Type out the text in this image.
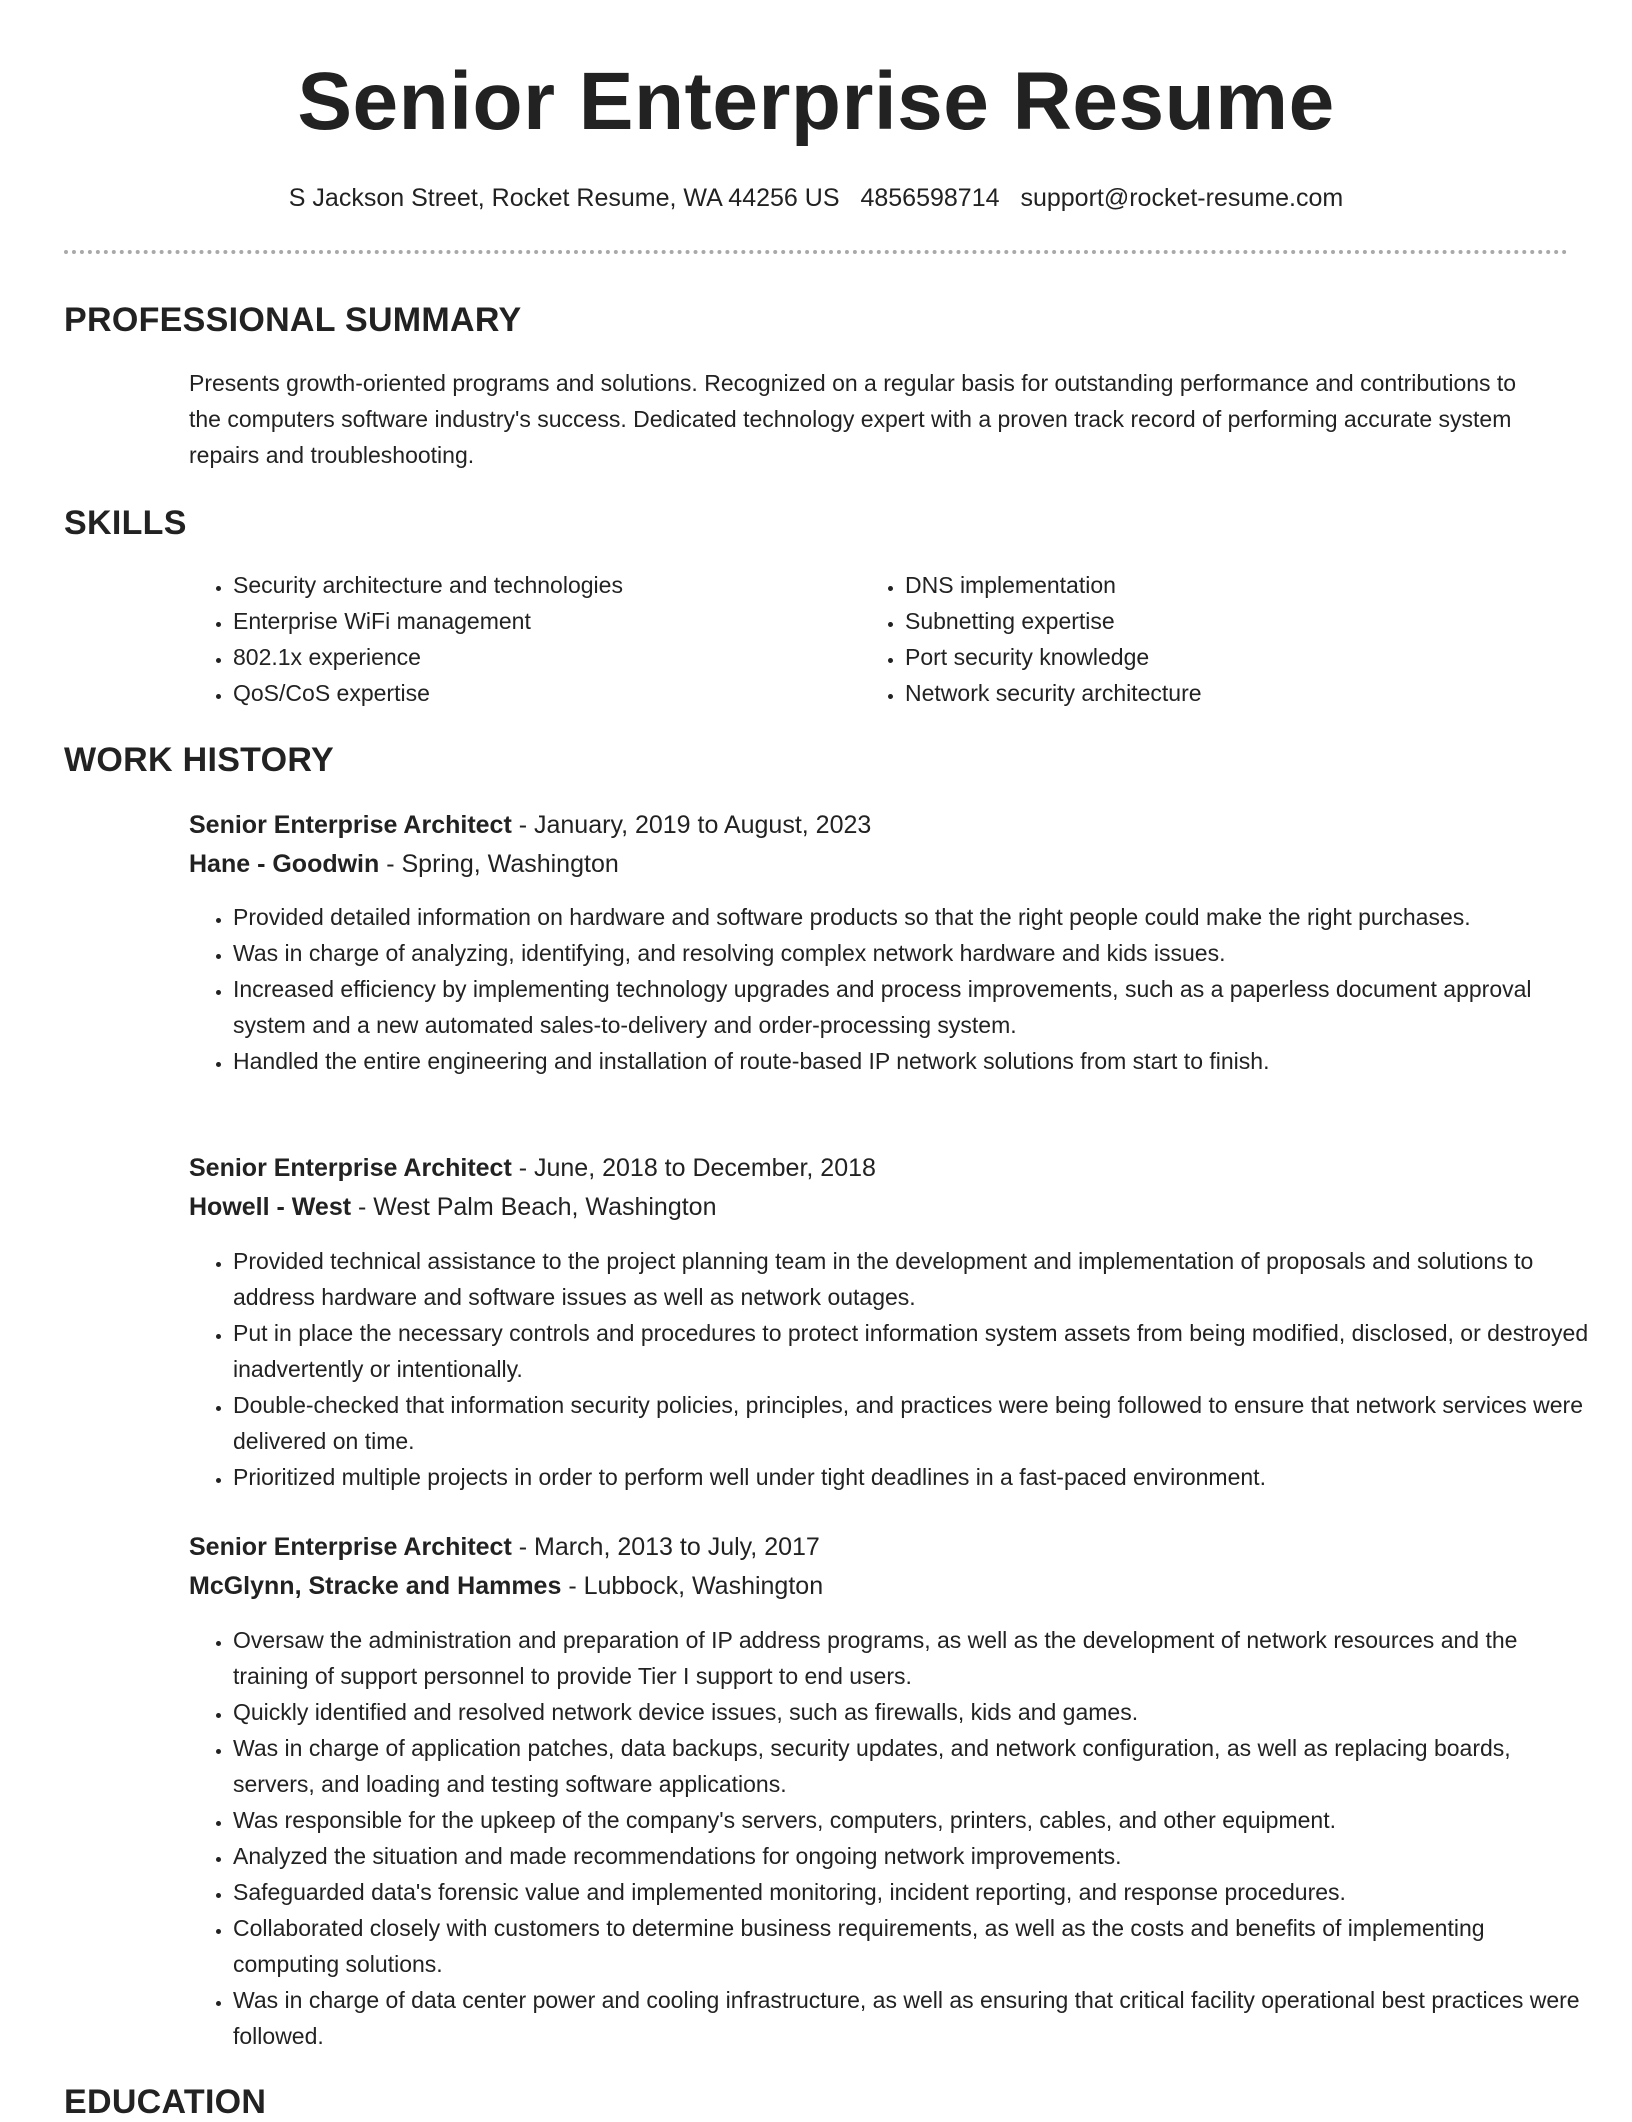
Senior Enterprise Resume
S Jackson Street, Rocket Resume, WA 44256 US 4856598714 support@rocket-resume.com
PROFESSIONAL SUMMARY
Presents growth-oriented programs and solutions. Recognized on a regular basis for outstanding performance and contributions to the computers software industry's success. Dedicated technology expert with a proven track record of performing accurate system repairs and troubleshooting.
SKILLS
• Security architecture and technologies
• Enterprise WiFi management
• 802.1x experience
• QoS/CoS expertise
• DNS implementation
• Subnetting expertise
• Port security knowledge
• Network security architecture
WORK HISTORY
Senior Enterprise Architect - January, 2019 to August, 2023
Hane - Goodwin - Spring, Washington
• Provided detailed information on hardware and software products so that the right people could make the right purchases.
• Was in charge of analyzing, identifying, and resolving complex network hardware and kids issues.
• Increased efficiency by implementing technology upgrades and process improvements, such as a paperless document approval system and a new automated sales-to-delivery and order-processing system.
• Handled the entire engineering and installation of route-based IP network solutions from start to finish.
Senior Enterprise Architect - June, 2018 to December, 2018
Howell - West - West Palm Beach, Washington
• Provided technical assistance to the project planning team in the development and implementation of proposals and solutions to address hardware and software issues as well as network outages.
• Put in place the necessary controls and procedures to protect information system assets from being modified, disclosed, or destroyed inadvertently or intentionally.
• Double-checked that information security policies, principles, and practices were being followed to ensure that network services were delivered on time.
• Prioritized multiple projects in order to perform well under tight deadlines in a fast-paced environment.
Senior Enterprise Architect - March, 2013 to July, 2017
McGlynn, Stracke and Hammes - Lubbock, Washington
• Oversaw the administration and preparation of IP address programs, as well as the development of network resources and the training of support personnel to provide Tier I support to end users.
• Quickly identified and resolved network device issues, such as firewalls, kids and games.
• Was in charge of application patches, data backups, security updates, and network configuration, as well as replacing boards, servers, and loading and testing software applications.
• Was responsible for the upkeep of the company's servers, computers, printers, cables, and other equipment.
• Analyzed the situation and made recommendations for ongoing network improvements.
• Safeguarded data's forensic value and implemented monitoring, incident reporting, and response procedures.
• Collaborated closely with customers to determine business requirements, as well as the costs and benefits of implementing computing solutions.
• Was in charge of data center power and cooling infrastructure, as well as ensuring that critical facility operational best practices were followed.
EDUCATION
